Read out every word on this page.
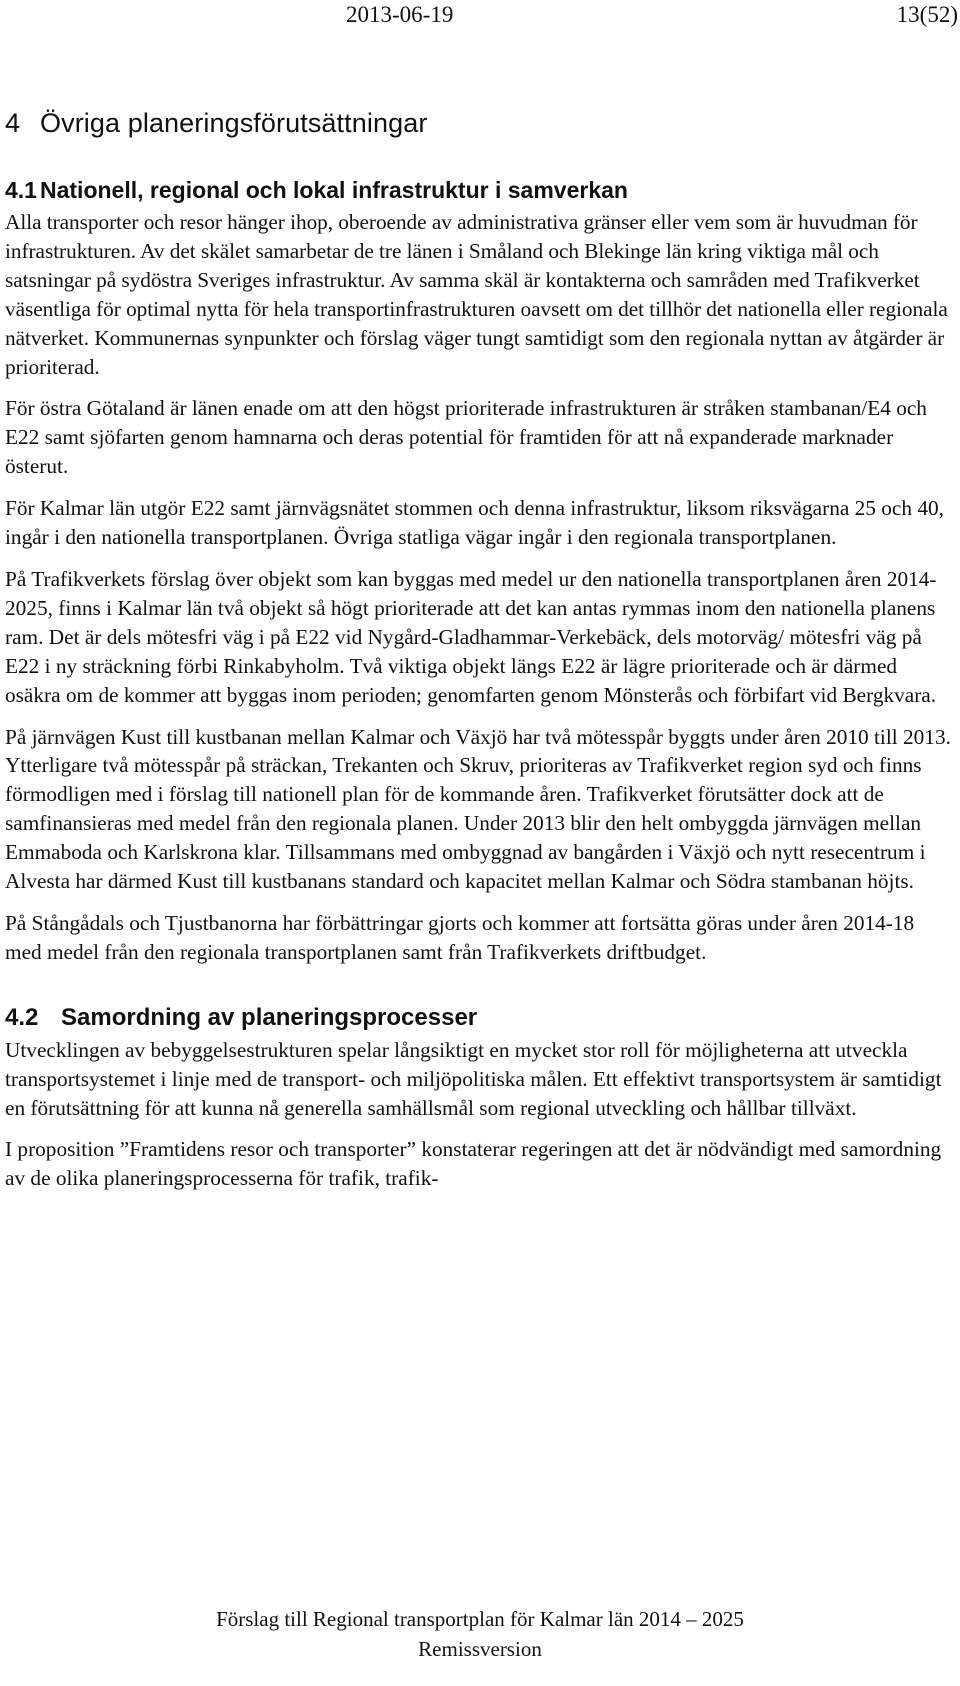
2013-06-19	13(52)
4 Övriga planeringsförutsättningar
4.1 Nationell, regional och lokal infrastruktur i samverkan

Alla transporter och resor hänger ihop, oberoende av administrativa gränser eller vem som är huvudman för infrastrukturen. Av det skälet samarbetar de tre länen i Småland och Blekinge län kring viktiga mål och satsningar på sydöstra Sveriges infrastruktur. Av samma skäl är kontakterna och samråden med Trafikverket väsentliga för optimal nytta för hela transportinfrastrukturen oavsett om det tillhör det nationella eller regionala nätverket. Kommunernas synpunkter och förslag väger tungt samtidigt som den regionala nyttan av åtgärder är prioriterad.

För östra Götaland är länen enade om att den högst prioriterade infrastrukturen är stråken stambanan/E4 och E22 samt sjöfarten genom hamnarna och deras potential för framtiden för att nå expanderade marknader österut.

För Kalmar län utgör E22 samt järnvägsnätet stommen och denna infrastruktur, liksom riksvägarna 25 och 40, ingår i den nationella transportplanen. Övriga statliga vägar ingår i den regionala transportplanen.

På Trafikverkets förslag över objekt som kan byggas med medel ur den nationella transportplanen åren 2014-2025, finns i Kalmar län två objekt så högt prioriterade att det kan antas rymmas inom den nationella planens ram. Det är dels mötesfri väg i på E22 vid Nygård-Gladhammar-Verkebäck, dels motorväg/ mötesfri väg på E22 i ny sträckning förbi Rinkabyholm. Två viktiga objekt längs E22 är lägre prioriterade och är därmed osäkra om de kommer att byggas inom perioden; genomfarten genom Mönsterås och förbifart vid Bergkvara.

På järnvägen Kust till kustbanan mellan Kalmar och Växjö har två mötesspår byggts under åren 2010 till 2013. Ytterligare två mötesspår på sträckan, Trekanten och Skruv, prioriteras av Trafikverket region syd och finns förmodligen med i förslag till nationell plan för de kommande åren. Trafikverket förutsätter dock att de samfinansieras med medel från den regionala planen. Under 2013 blir den helt ombyggda järnvägen mellan Emmaboda och Karlskrona klar. Tillsammans med ombyggnad av bangården i Växjö och nytt resecentrum i Alvesta har därmed Kust till kustbanans standard och kapacitet mellan Kalmar och Södra stambanan höjts.

På Stångådals och Tjustbanorna har förbättringar gjorts och kommer att fortsätta göras under åren 2014-18 med medel från den regionala transportplanen samt från Trafikverkets driftbudget.

4.2 Samordning av planeringsprocesser

Utvecklingen av bebyggelsestrukturen spelar långsiktigt en mycket stor roll för möjligheterna att utveckla transportsystemet i linje med de transport- och miljöpolitiska målen. Ett effektivt transportsystem är samtidigt en förutsättning för att kunna nå generella samhällsmål som regional utveckling och hållbar tillväxt.

I proposition ”Framtidens resor och transporter” konstaterar regeringen att det är nödvändigt med samordning av de olika planeringsprocesserna för trafik, trafik-

Förslag till Regional transportplan för Kalmar län 2014 – 2025
Remissversion
